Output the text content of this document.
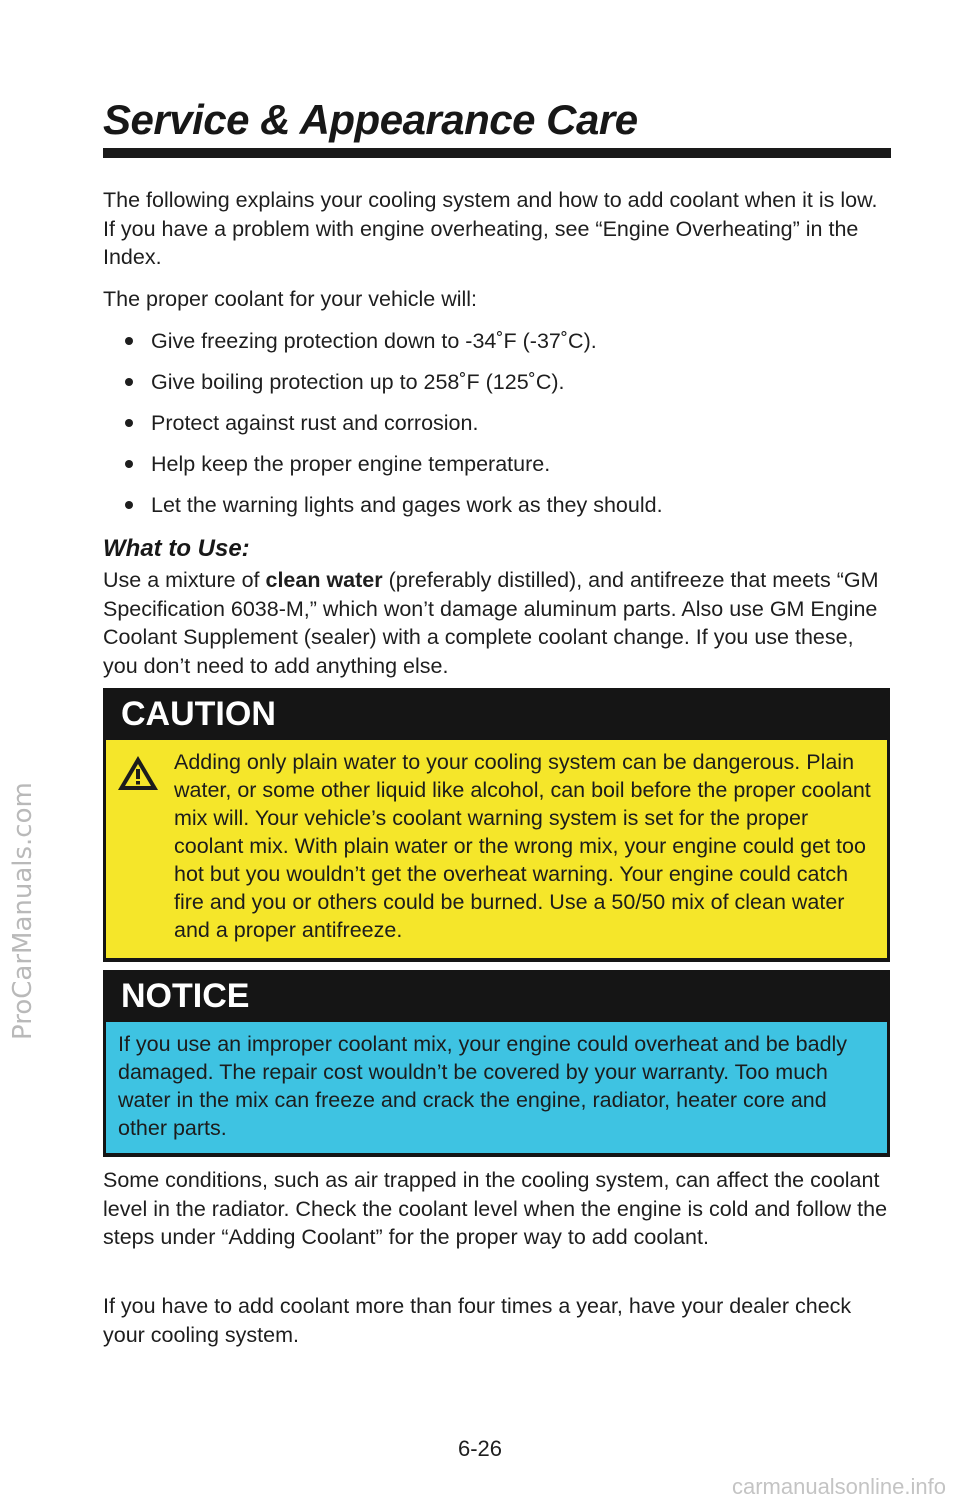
ProCarManuals.com
Service & Appearance Care
The following explains your cooling system and how to add coolant when it is low. If you have a problem with engine overheating, see “Engine Overheating” in the Index.
The proper coolant for your vehicle will:
Give freezing protection down to -34˚F (-37˚C).
Give boiling protection up to 258˚F (125˚C).
Protect against rust and corrosion.
Help keep the proper engine temperature.
Let the warning lights and gages work as they should.
What to Use:
Use a mixture of clean water (preferably distilled), and antifreeze that meets “GM Specification 6038-M,” which won’t damage aluminum parts. Also use GM Engine Coolant Supplement (sealer) with a complete coolant change. If you use these, you don’t need to add anything else.
CAUTION
Adding only plain water to your cooling system can be dangerous. Plain water, or some other liquid like alcohol, can boil before the proper coolant mix will. Your vehicle’s coolant warning system is set for the proper coolant mix. With plain water or the wrong mix, your engine could get too hot but you wouldn’t get the overheat warning. Your engine could catch fire and you or others could be burned. Use a 50/50 mix of clean water and a proper antifreeze.
NOTICE
If you use an improper coolant mix, your engine could overheat and be badly damaged. The repair cost wouldn’t be covered by your warranty. Too much water in the mix can freeze and crack the engine, radiator, heater core and other parts.
Some conditions, such as air trapped in the cooling system, can affect the coolant level in the radiator. Check the coolant level when the engine is cold and follow the steps under “Adding Coolant” for the proper way to add coolant.
If you have to add coolant more than four times a year, have your dealer check your cooling system.
6-26
carmanualsonline.info
